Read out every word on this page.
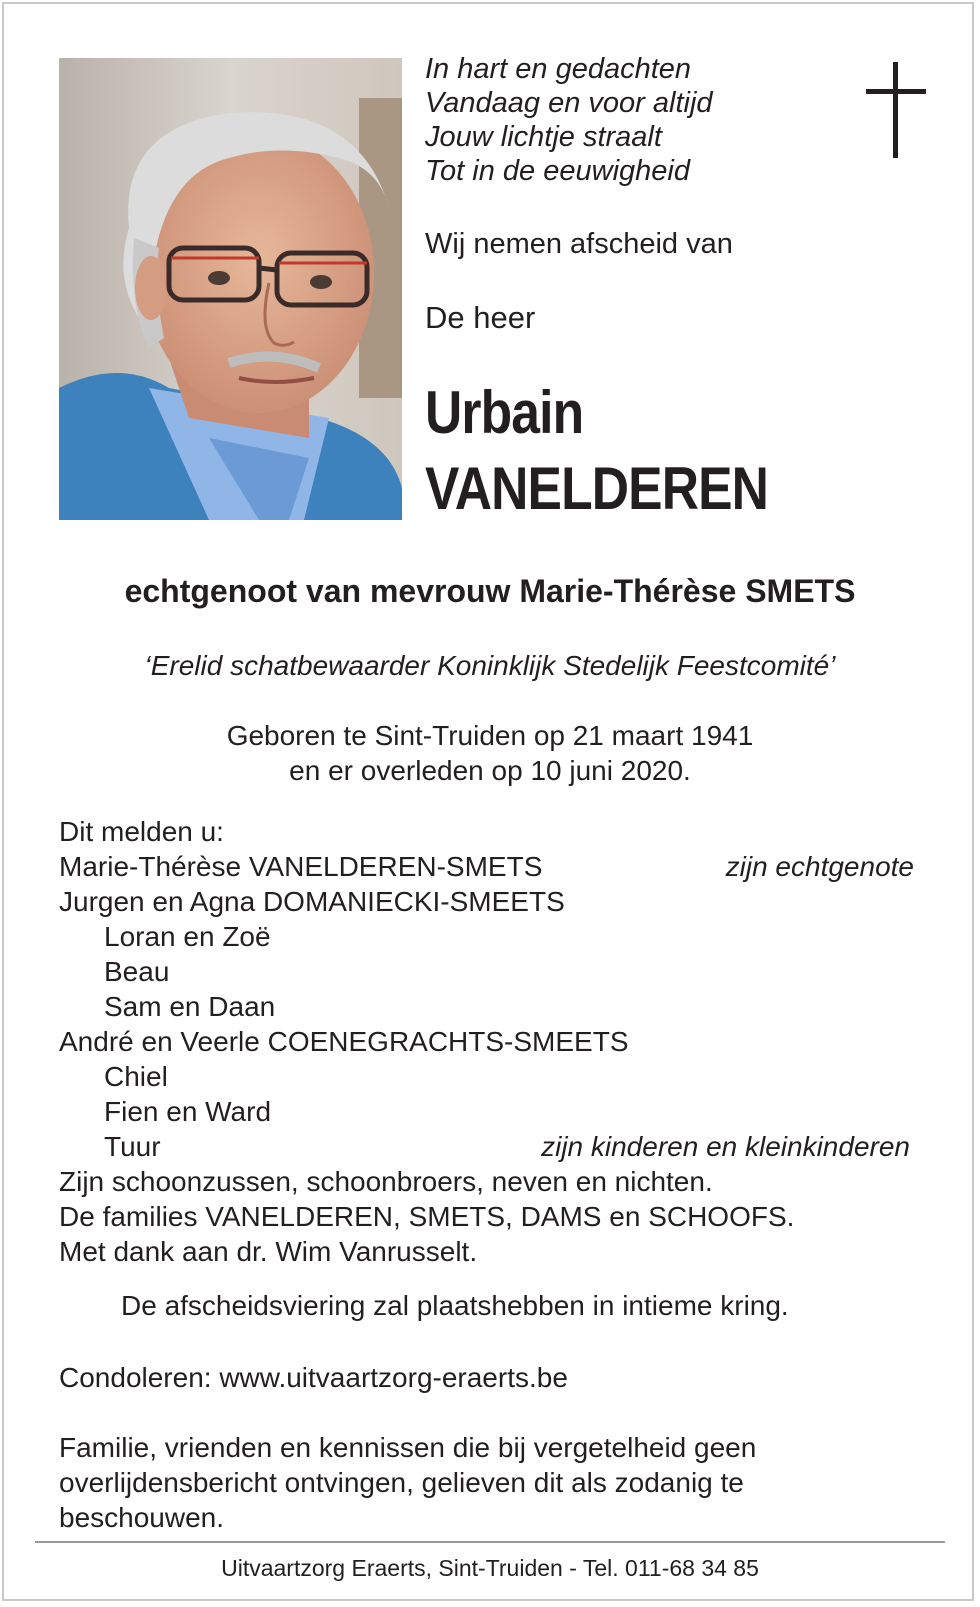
In hart en gedachten
Vandaag en voor altijd
Jouw lichtje straalt
Tot in de eeuwigheid
Wij nemen afscheid van
De heer
Urbain
VANELDEREN
echtgenoot van mevrouw Marie-Thérèse SMETS
‘Erelid schatbewaarder Koninklijk Stedelijk Feestcomité’
Geboren te Sint-Truiden op 21 maart 1941
en er overleden op 10 juni 2020.
Dit melden u:
Marie-Thérèse VANELDEREN-SMETS	zijn echtgenote
Jurgen en Agna DOMANIECKI-SMEETS
Loran en Zoë
Beau
Sam en Daan
André en Veerle COENEGRACHTS-SMEETS
Chiel
Fien en Ward
Tuur	zijn kinderen en kleinkinderen
Zijn schoonzussen, schoonbroers, neven en nichten.
De families VANELDEREN, SMETS, DAMS en SCHOOFS.
Met dank aan dr. Wim Vanrusselt.
De afscheidsviering zal plaatshebben in intieme kring.
Condoleren: www.uitvaartzorg-eraerts.be
Familie, vrienden en kennissen die bij vergetelheid geen
overlijdensbericht ontvingen, gelieven dit als zodanig te
beschouwen.
Uitvaartzorg Eraerts, Sint-Truiden - Tel. 011-68 34 85
